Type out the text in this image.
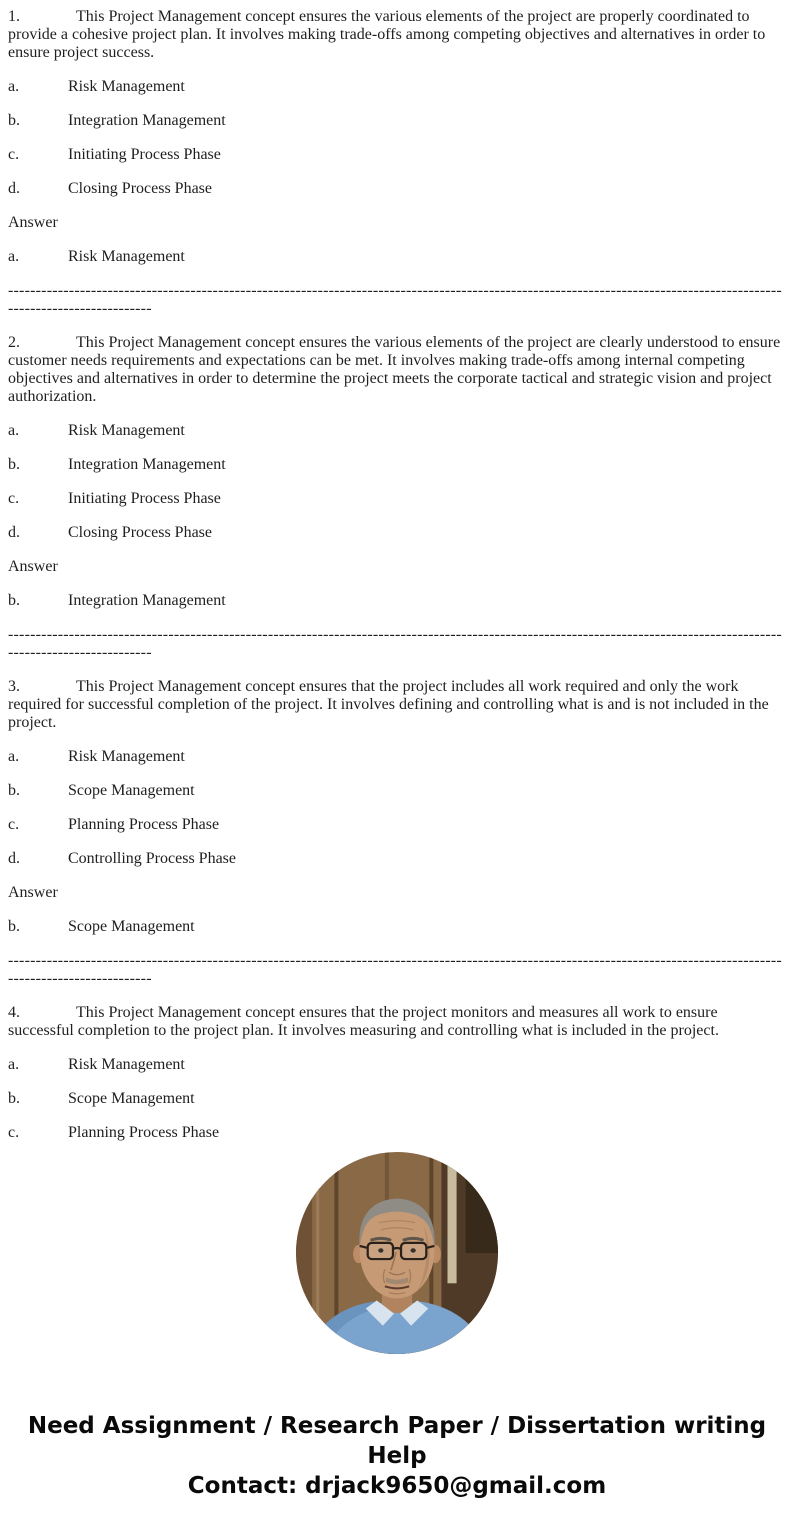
1.	This Project Management concept ensures the various elements of the project are properly coordinated to provide a cohesive project plan. It involves making trade-offs among competing objectives and alternatives in order to ensure project success.

a.	Risk Management

b.	Integration Management

c.	Initiating Process Phase

d.	Closing Process Phase

Answer

a.	Risk Management

----------------------------------------------------------------------------------------------------------------------------------------------------------------------

2.	This Project Management concept ensures the various elements of the project are clearly understood to ensure customer needs requirements and expectations can be met. It involves making trade-offs among internal competing objectives and alternatives in order to determine the project meets the corporate tactical and strategic vision and project authorization.

a.	Risk Management

b.	Integration Management

c.	Initiating Process Phase

d.	Closing Process Phase

Answer

b.	Integration Management

----------------------------------------------------------------------------------------------------------------------------------------------------------------------

3.	This Project Management concept ensures that the project includes all work required and only the work required for successful completion of the project. It involves defining and controlling what is and is not included in the project.

a.	Risk Management

b.	Scope Management

c.	Planning Process Phase

d.	Controlling Process Phase

Answer

b.	Scope Management

----------------------------------------------------------------------------------------------------------------------------------------------------------------------

4.	This Project Management concept ensures that the project monitors and measures all work to ensure successful completion to the project plan. It involves measuring and controlling what is included in the project.

a.	Risk Management

b.	Scope Management

c.	Planning Process Phase

Need Assignment / Research Paper / Dissertation writing Help
Contact: drjack9650@gmail.com
